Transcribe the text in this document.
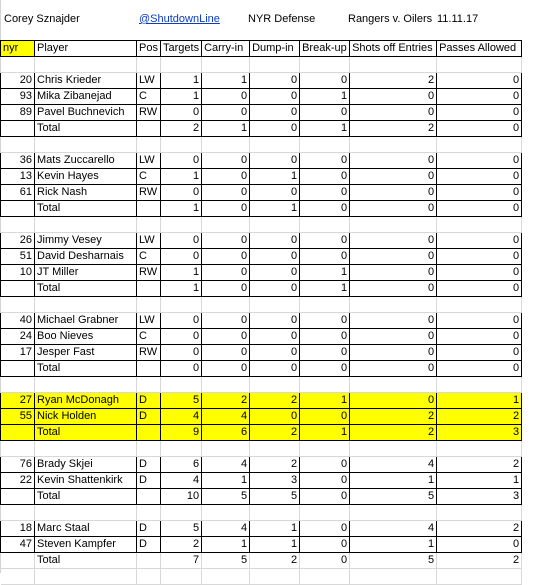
Corey Sznajder	@ShutdownLine	NYR Defense	Rangers v. Oilers 11.11.17
nyr	Player	Pos	Targets	Carry-in	Dump-in	Break-up	Shots off Entries	Passes Allowed

20	Chris Krieder	LW	1	1	0	0	2	0
93	Mika Zibanejad	C	1	0	0	1	0	0
89	Pavel Buchnevich	RW	0	0	0	0	0	0
	Total		2	1	0	1	2	0

36	Mats Zuccarello	LW	0	0	0	0	0	0
13	Kevin Hayes	C	1	0	1	0	0	0
61	Rick Nash	RW	0	0	0	0	0	0
	Total		1	0	1	0	0	0

26	Jimmy Vesey	LW	0	0	0	0	0	0
51	David Desharnais	C	0	0	0	0	0	0
10	JT Miller	RW	1	0	0	1	0	0
	Total		1	0	0	1	0	0

40	Michael Grabner	LW	0	0	0	0	0	0
24	Boo Nieves	C	0	0	0	0	0	0
17	Jesper Fast	RW	0	0	0	0	0	0
	Total		0	0	0	0	0	0

27	Ryan McDonagh	D	5	2	2	1	0	1
55	Nick Holden	D	4	4	0	0	2	2
	Total		9	6	2	1	2	3

76	Brady Skjei	D	6	4	2	0	4	2
22	Kevin Shattenkirk	D	4	1	3	0	1	1
	Total		10	5	5	0	5	3

18	Marc Staal	D	5	4	1	0	4	2
47	Steven Kampfer	D	2	1	1	0	1	0
	Total		7	5	2	0	5	2
